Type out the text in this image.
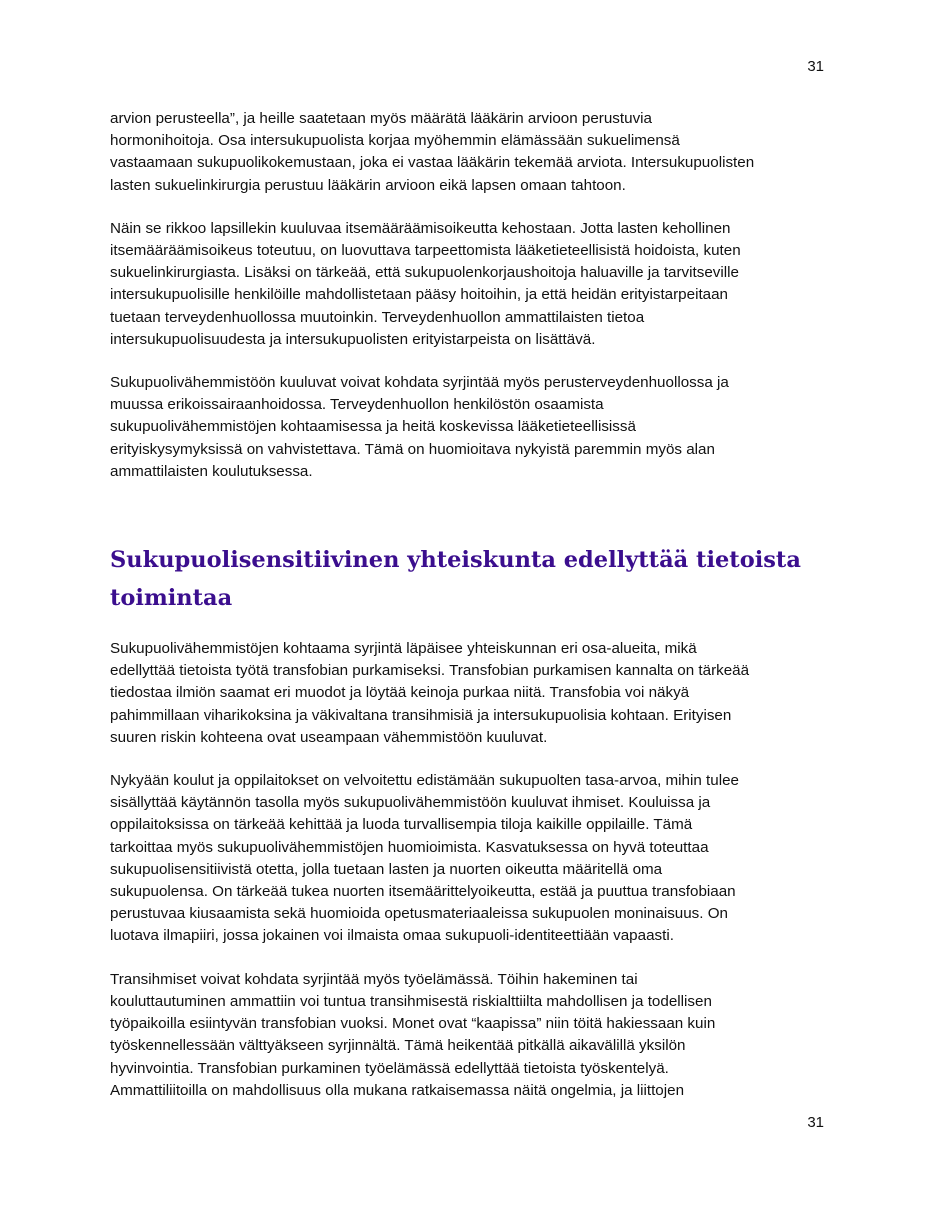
31

arvion perusteella”, ja heille saatetaan myös määrätä lääkärin arvioon perustuvia
hormonihoitoja. Osa intersukupuolista korjaa myöhemmin elämässään sukuelimensä
vastaamaan sukupuolikokemustaan, joka ei vastaa lääkärin tekemää arviota. Intersukupuolisten
lasten sukuelinkirurgia perustuu lääkärin arvioon eikä lapsen omaan tahtoon.

Näin se rikkoo lapsillekin kuuluvaa itsemääräämisoikeutta kehostaan. Jotta lasten kehollinen
itsemääräämisoikeus toteutuu, on luovuttava tarpeettomista lääketieteellisistä hoidoista, kuten
sukuelinkirurgiasta. Lisäksi on tärkeää, että sukupuolenkorjaushoitoja haluaville ja tarvitseville
intersukupuolisille henkilöille mahdollistetaan pääsy hoitoihin, ja että heidän erityistarpeitaan
tuetaan terveydenhuollossa muutoinkin. Terveydenhuollon ammattilaisten tietoa
intersukupuolisuudesta ja intersukupuolisten erityistarpeista on lisättävä.

Sukupuolivähemmistöön kuuluvat voivat kohdata syrjintää myös perusterveydenhuollossa ja
muussa erikoissairaanhoidossa. Terveydenhuollon henkilöstön osaamista
sukupuolivähemmistöjen kohtaamisessa ja heitä koskevissa lääketieteellisissä
erityiskysymyksissä on vahvistettava. Tämä on huomioitava nykyistä paremmin myös alan
ammattilaisten koulutuksessa.

Sukupuolisensitiivinen yhteiskunta edellyttää tietoista
toimintaa

Sukupuolivähemmistöjen kohtaama syrjintä läpäisee yhteiskunnan eri osa-alueita, mikä
edellyttää tietoista työtä transfobian purkamiseksi. Transfobian purkamisen kannalta on tärkeää
tiedostaa ilmiön saamat eri muodot ja löytää keinoja purkaa niitä. Transfobia voi näkyä
pahimmillaan viharikoksina ja väkivaltana transihmisiä ja intersukupuolisia kohtaan. Erityisen
suuren riskin kohteena ovat useampaan vähemmistöön kuuluvat.

Nykyään koulut ja oppilaitokset on velvoitettu edistämään sukupuolten tasa-arvoa, mihin tulee
sisällyttää käytännön tasolla myös sukupuolivähemmistöön kuuluvat ihmiset. Kouluissa ja
oppilaitoksissa on tärkeää kehittää ja luoda turvallisempia tiloja kaikille oppilaille. Tämä
tarkoittaa myös sukupuolivähemmistöjen huomioimista. Kasvatuksessa on hyvä toteuttaa
sukupuolisensitiivistä otetta, jolla tuetaan lasten ja nuorten oikeutta määritellä oma
sukupuolensa. On tärkeää tukea nuorten itsemäärittelyoikeutta, estää ja puuttua transfobiaan
perustuvaa kiusaamista sekä huomioida opetusmateriaaleissa sukupuolen moninaisuus. On
luotava ilmapiiri, jossa jokainen voi ilmaista omaa sukupuoli-identiteettiään vapaasti.

Transihmiset voivat kohdata syrjintää myös työelämässä. Töihin hakeminen tai
kouluttautuminen ammattiin voi tuntua transihmisestä riskialttiilta mahdollisen ja todellisen
työpaikoilla esiintyvän transfobian vuoksi. Monet ovat “kaapissa” niin töitä hakiessaan kuin
työskennellessään välttyäkseen syrjinnältä. Tämä heikentää pitkällä aikavälillä yksilön
hyvinvointia. Transfobian purkaminen työelämässä edellyttää tietoista työskentelyä.
Ammattiliitoilla on mahdollisuus olla mukana ratkaisemassa näitä ongelmia, ja liittojen

31
